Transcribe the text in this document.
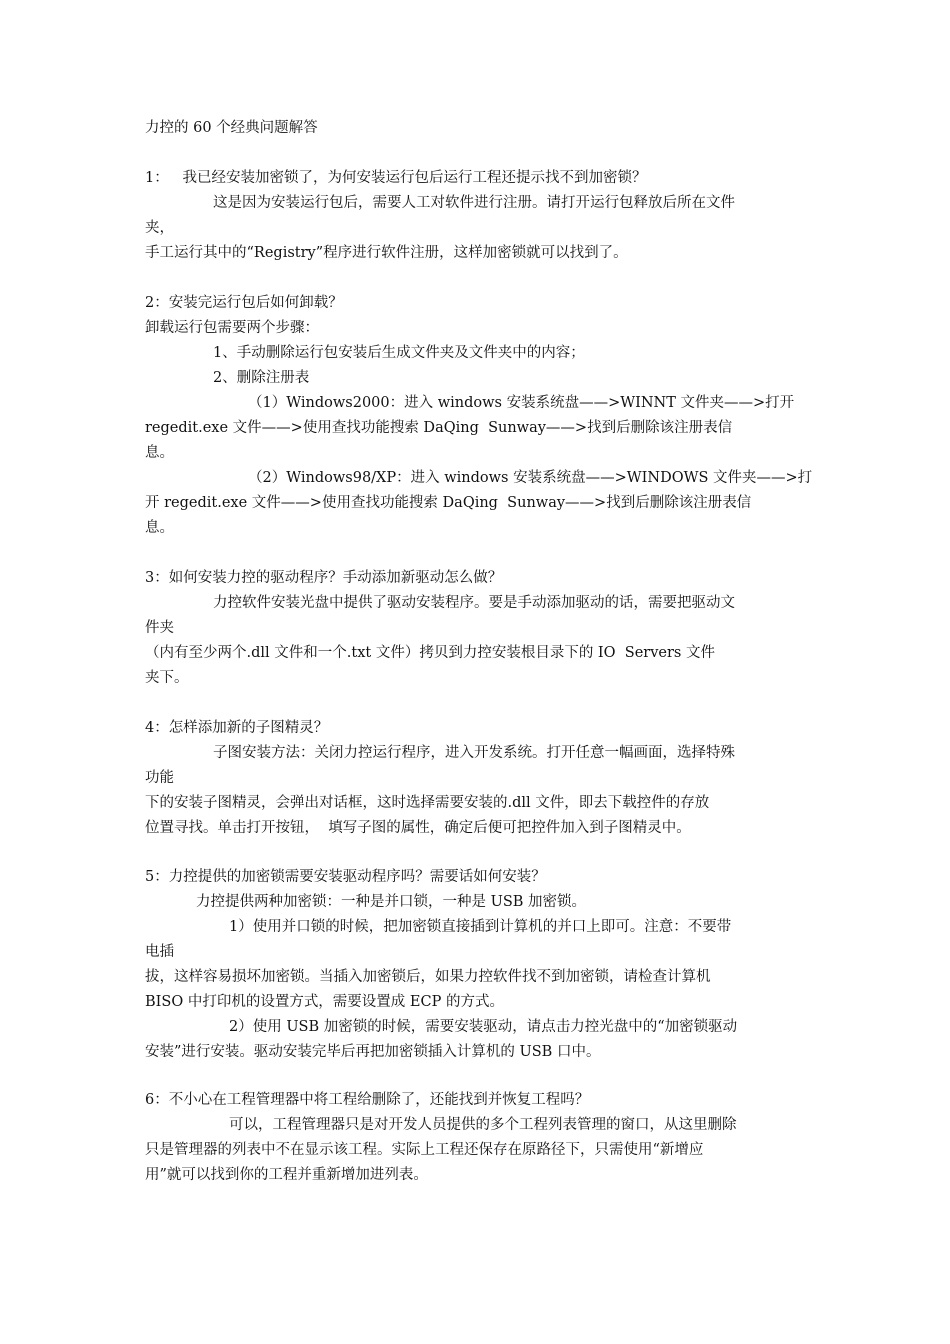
力控的 60 个经典问题解答
1：   我已经安装加密锁了，为何安装运行包后运行工程还提示找不到加密锁？
这是因为安装运行包后，需要人工对软件进行注册。请打开运行包释放后所在文件
夹，
手工运行其中的“Registry”程序进行软件注册，这样加密锁就可以找到了。
2：安装完运行包后如何卸载？
卸载运行包需要两个步骤：
1、手动删除运行包安装后生成文件夹及文件夹中的内容；
2、删除注册表
（1）Windows2000：进入 windows 安装系统盘——>WINNT 文件夹——>打开
regedit.exe 文件——>使用查找功能搜索 DaQing  Sunway——>找到后删除该注册表信
息。
（2）Windows98/XP：进入 windows 安装系统盘——>WINDOWS 文件夹——>打
开 regedit.exe 文件——>使用查找功能搜索 DaQing  Sunway——>找到后删除该注册表信
息。
3：如何安装力控的驱动程序？手动添加新驱动怎么做？
力控软件安装光盘中提供了驱动安装程序。要是手动添加驱动的话，需要把驱动文
件夹
（内有至少两个.dll 文件和一个.txt 文件）拷贝到力控安装根目录下的 IO  Servers 文件
夹下。
4：怎样添加新的子图精灵？
子图安装方法：关闭力控运行程序，进入开发系统。打开任意一幅画面，选择特殊
功能
下的安装子图精灵，会弹出对话框，这时选择需要安装的.dll 文件，即去下载控件的存放
位置寻找。单击打开按钮，  填写子图的属性，确定后便可把控件加入到子图精灵中。
5：力控提供的加密锁需要安装驱动程序吗？需要话如何安装？
力控提供两种加密锁：一种是并口锁，一种是 USB 加密锁。
1）使用并口锁的时候，把加密锁直接插到计算机的并口上即可。注意：不要带
电插
拔，这样容易损坏加密锁。当插入加密锁后，如果力控软件找不到加密锁，请检查计算机
BISO 中打印机的设置方式，需要设置成 ECP 的方式。
2）使用 USB 加密锁的时候，需要安装驱动，请点击力控光盘中的“加密锁驱动
安装”进行安装。驱动安装完毕后再把加密锁插入计算机的 USB 口中。
6：不小心在工程管理器中将工程给删除了，还能找到并恢复工程吗？
可以，工程管理器只是对开发人员提供的多个工程列表管理的窗口，从这里删除
只是管理器的列表中不在显示该工程。实际上工程还保存在原路径下，只需使用“新增应
用”就可以找到你的工程并重新增加进列表。
